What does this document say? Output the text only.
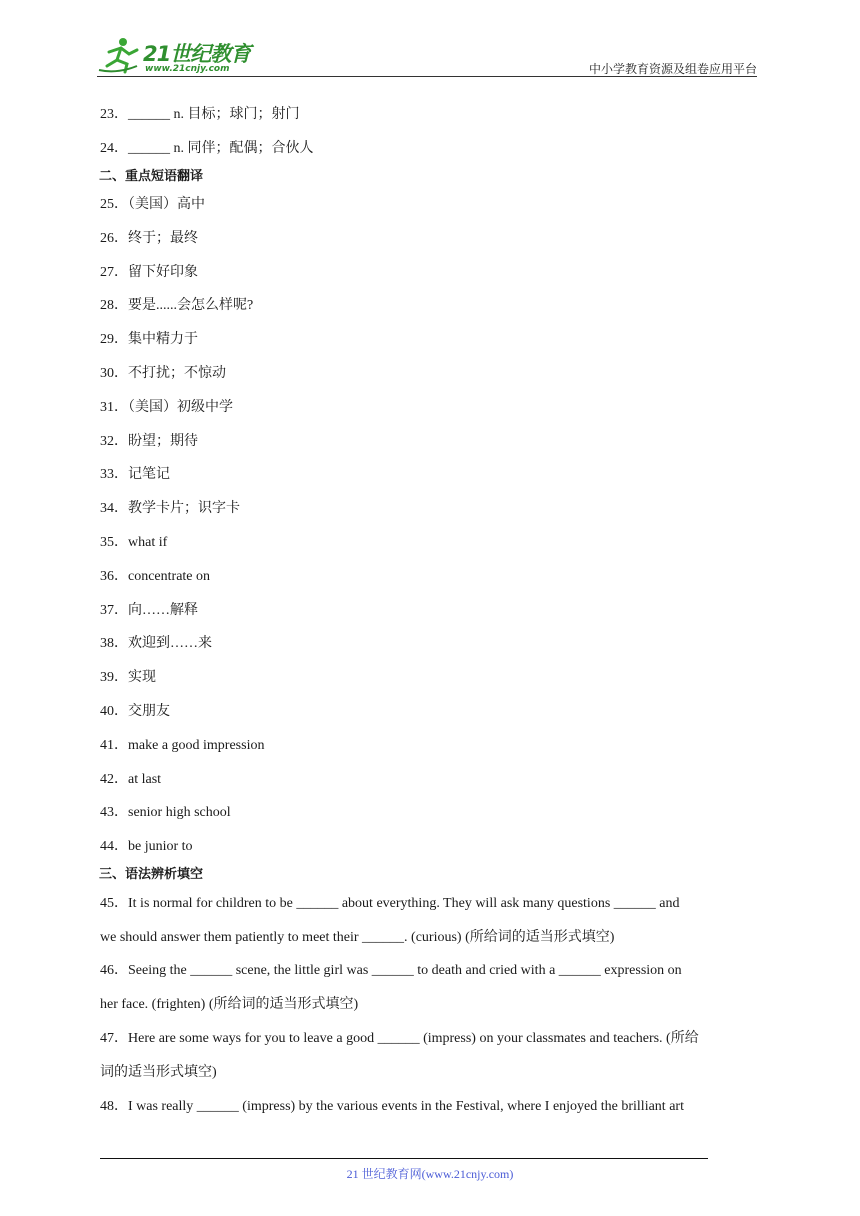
21世纪教育
www.21cnjy.com	中小学教育资源及组卷应用平台
23．______ n. 目标；球门；射门
24．______ n. 同伴；配偶；合伙人
二、重点短语翻译
25．（美国）高中
26．终于；最终
27．留下好印象
28．要是......会怎么样呢?
29．集中精力于
30．不打扰；不惊动
31．（美国）初级中学
32．盼望；期待
33．记笔记
34．教学卡片；识字卡
35．what if
36．concentrate on
37．向……解释
38．欢迎到……来
39．实现
40．交朋友
41．make a good impression
42．at last
43．senior high school
44．be junior to
三、语法辨析填空
45．It is normal for children to be ______ about everything. They will ask many questions ______ and
we should answer them patiently to meet their ______. (curious) (所给词的适当形式填空)
46．Seeing the ______ scene, the little girl was ______ to death and cried with a ______ expression on
her face. (frighten) (所给词的适当形式填空)
47．Here are some ways for you to leave a good ______ (impress) on your classmates and teachers. (所给
词的适当形式填空)
48．I was really ______ (impress) by the various events in the Festival, where I enjoyed the brilliant art
21 世纪教育网(www.21cnjy.com)
